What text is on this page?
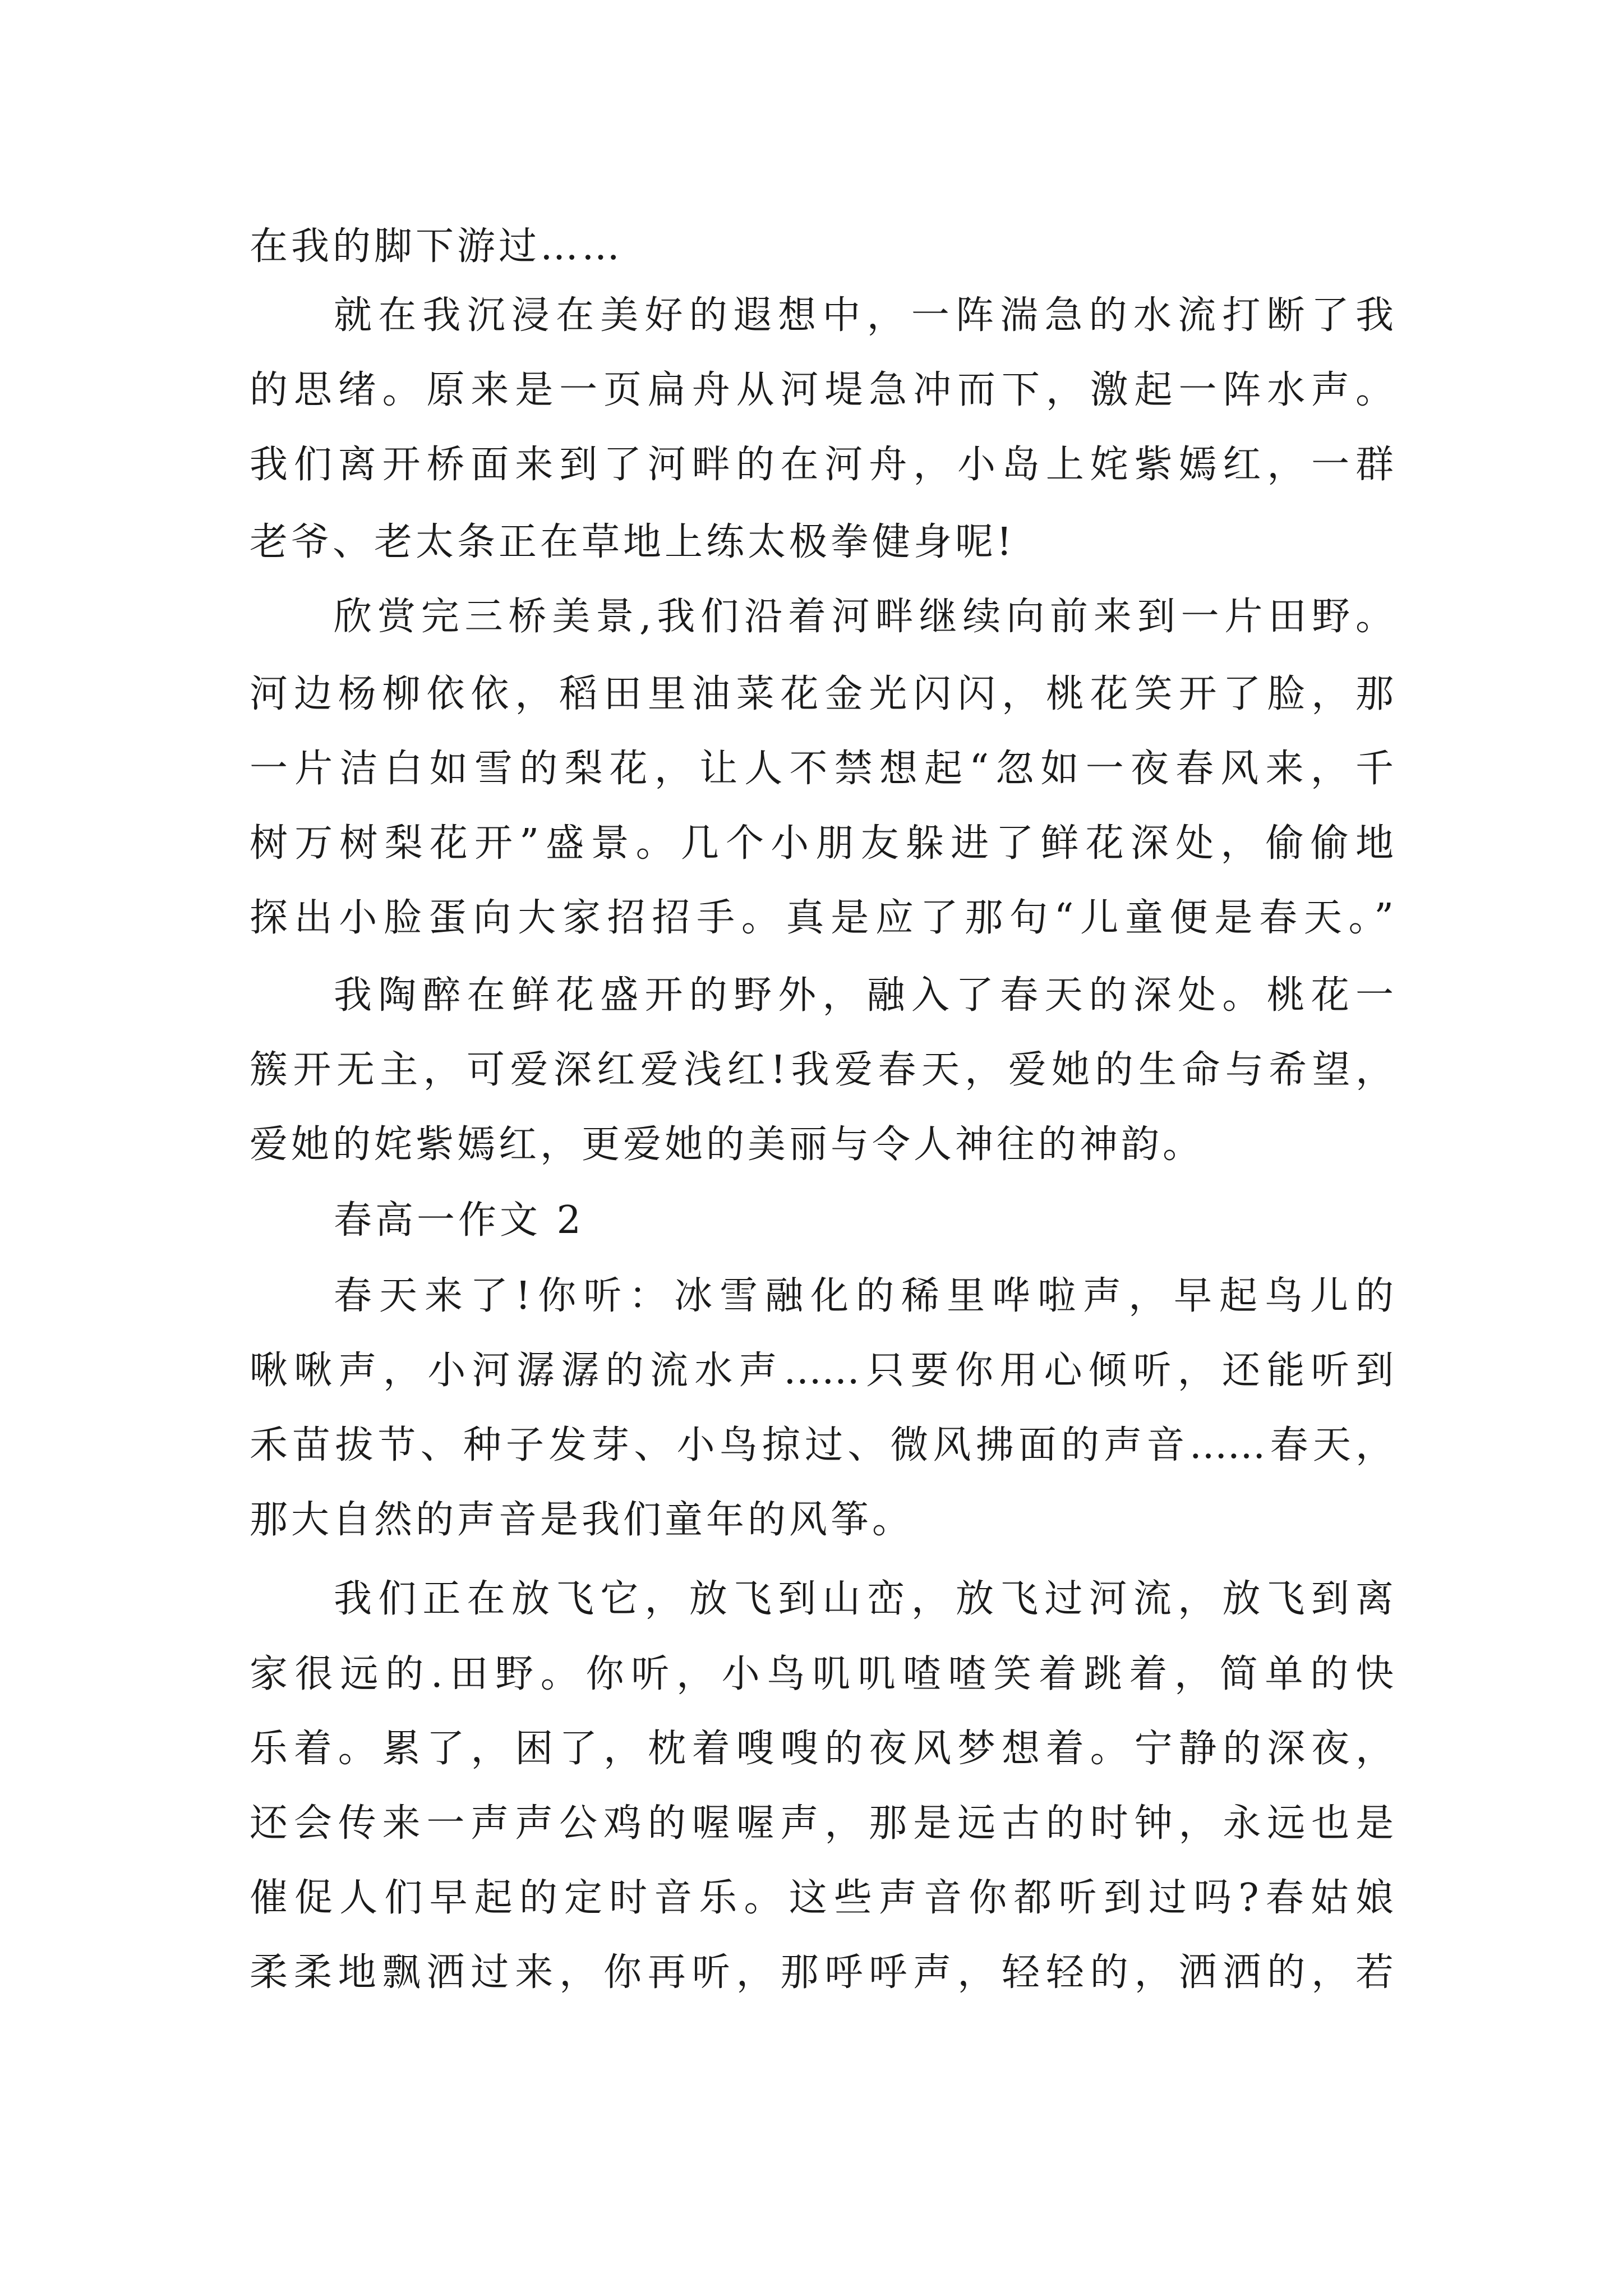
在我的脚下游过……

就在我沉浸在美好的遐想中，一阵湍急的水流打断了我

的思绪。原来是一页扁舟从河堤急冲而下，激起一阵水声。

我们离开桥面来到了河畔的在河舟，小岛上姹紫嫣红，一群

老爷、老太条正在草地上练太极拳健身呢!

欣赏完三桥美景,我们沿着河畔继续向前来到一片田野。

河边杨柳依依，稻田里油菜花金光闪闪，桃花笑开了脸，那

一片洁白如雪的梨花，让人不禁想起“忽如一夜春风来，千

树万树梨花开”盛景。几个小朋友躲进了鲜花深处，偷偷地

探出小脸蛋向大家招招手。真是应了那句“儿童便是春天。”

我陶醉在鲜花盛开的野外，融入了春天的深处。桃花一

簇开无主，可爱深红爱浅红!我爱春天，爱她的生命与希望，

爱她的姹紫嫣红，更爱她的美丽与令人神往的神韵。

春高一作文 2

春天来了!你听：冰雪融化的稀里哗啦声，早起鸟儿的

啾啾声，小河潺潺的流水声……只要你用心倾听，还能听到

禾苗拔节、种子发芽、小鸟掠过、微风拂面的声音……春天，

那大自然的声音是我们童年的风筝。

我们正在放飞它，放飞到山峦，放飞过河流，放飞到离

家很远的.田野。你听，小鸟叽叽喳喳笑着跳着，简单的快

乐着。累了，困了，枕着嗖嗖的夜风梦想着。宁静的深夜，

还会传来一声声公鸡的喔喔声，那是远古的时钟，永远也是

催促人们早起的定时音乐。这些声音你都听到过吗?春姑娘

柔柔地飘洒过来，你再听，那呼呼声，轻轻的，洒洒的，若
